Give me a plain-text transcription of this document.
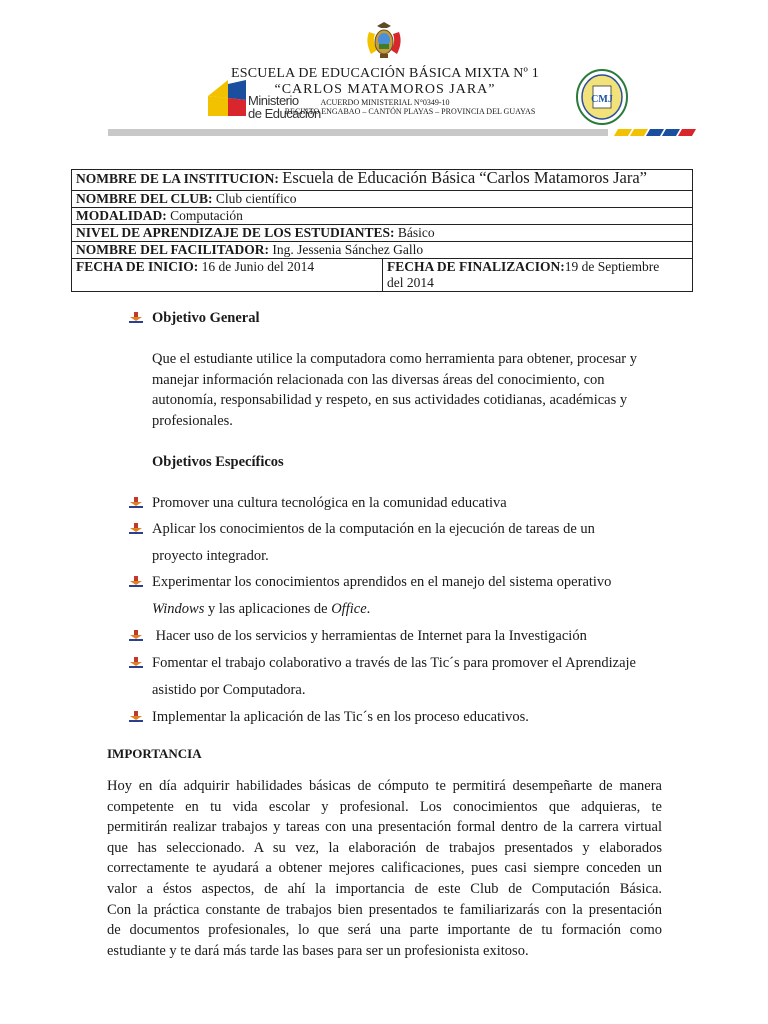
Ministerio
de Educación
ESCUELA DE EDUCACIÓN BÁSICA MIXTA Nº 1
“CARLOS MATAMOROS JARA”
ACUERDO MINISTERIAL N°0349-10
RECINTO ENGABAO – CANTÓN PLAYAS – PROVINCIA DEL GUAYAS
CMJ
NOMBRE DE LA INSTITUCION: Escuela de Educación Básica “Carlos Matamoros Jara”
NOMBRE DEL CLUB: Club científico
MODALIDAD: Computación
NIVEL DE APRENDIZAJE DE LOS ESTUDIANTES: Básico
NOMBRE DEL FACILITADOR: Ing. Jessenia Sánchez Gallo
FECHA DE INICIO: 16 de Junio del 2014	FECHA DE FINALIZACION:19 de Septiembre
del 2014
Objetivo General
Que el estudiante utilice la computadora como herramienta para obtener, procesar y
manejar información relacionada con las diversas áreas del conocimiento, con
autonomía, responsabilidad y respeto, en sus actividades cotidianas, académicas y
profesionales.
Objetivos Específicos
Promover una cultura tecnológica en la comunidad educativa
Aplicar los conocimientos de la computación en la ejecución de tareas de un
proyecto integrador.
Experimentar los conocimientos aprendidos en el manejo del sistema operativo
Windows y las aplicaciones de Office.
Hacer uso de los servicios y herramientas de Internet para la Investigación
Fomentar el trabajo colaborativo a través de las Tic´s para promover el Aprendizaje
asistido por Computadora.
Implementar la aplicación de las Tic´s en los proceso educativos.
IMPORTANCIA
Hoy en día adquirir habilidades básicas de cómputo te permitirá desempeñarte de manera
competente en tu vida escolar y profesional. Los conocimientos que adquieras, te
permitirán realizar trabajos y tareas con una presentación formal dentro de la carrera virtual
que has seleccionado. A su vez, la elaboración de trabajos presentados y elaborados
correctamente te ayudará a obtener mejores calificaciones, pues casi siempre conceden un
valor a éstos aspectos, de ahí la importancia de este Club de Computación Básica.
Con la práctica constante de trabajos bien presentados te familiarizarás con la presentación
de documentos profesionales, lo que será una parte importante de tu formación como
estudiante y te dará más tarde las bases para ser un profesionista exitoso.
